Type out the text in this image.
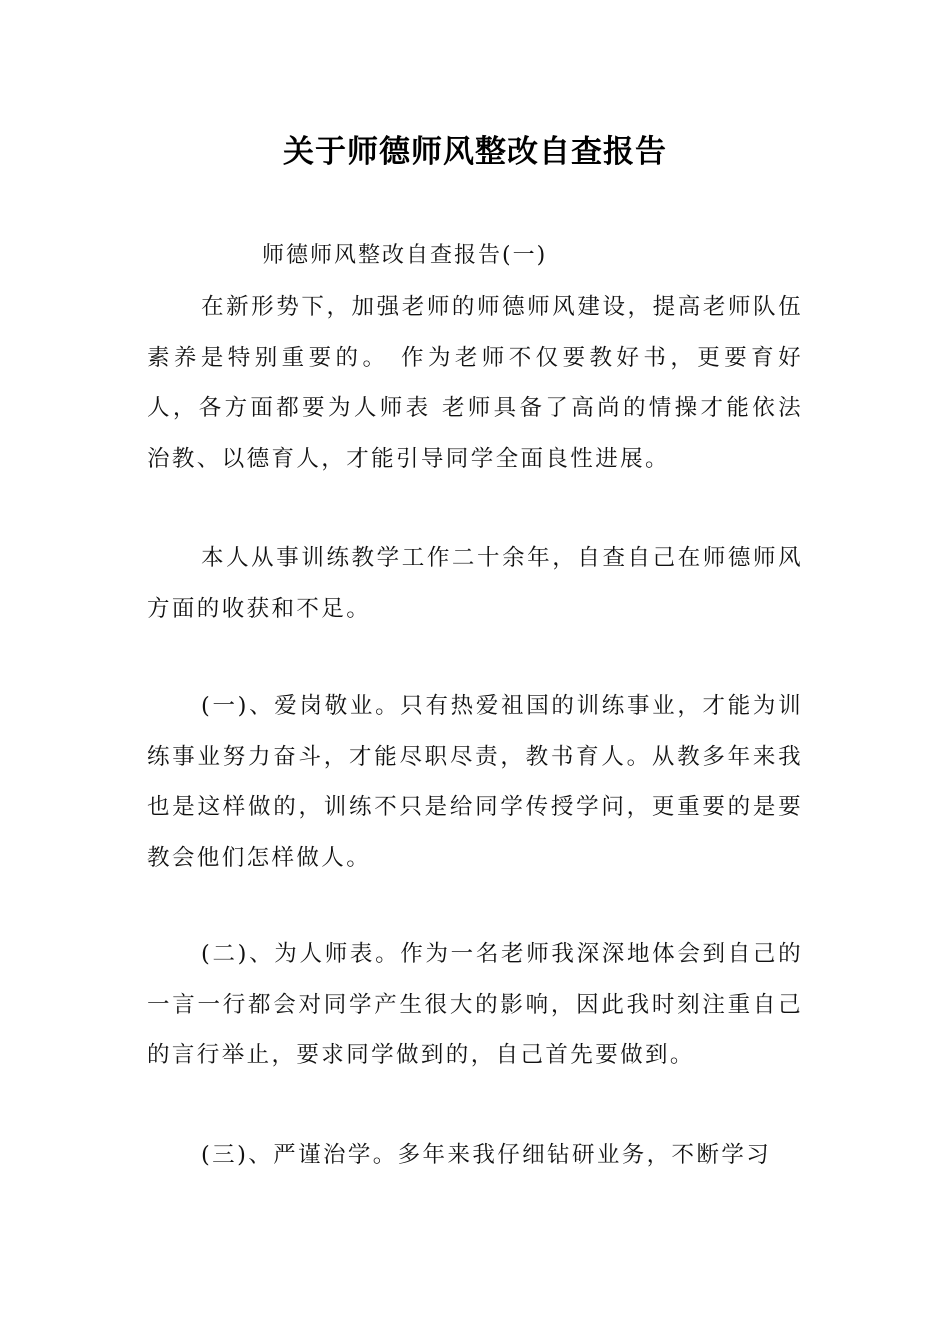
关于师德师风整改自查报告
师德师风整改自查报告(一)

在新形势下，加强老师的师德师风建设，提高老师队伍素养是特别重要的。 作为老师不仅要教好书，更要育好人，各方面都要为人师表 老师具备了高尚的情操才能依法治教、以德育人，才能引导同学全面良性进展。

本人从事训练教学工作二十余年，自查自己在师德师风方面的收获和不足。

(一)、爱岗敬业。只有热爱祖国的训练事业，才能为训练事业努力奋斗，才能尽职尽责，教书育人。从教多年来我也是这样做的，训练不只是给同学传授学问，更重要的是要教会他们怎样做人。

(二)、为人师表。作为一名老师我深深地体会到自己的一言一行都会对同学产生很大的影响，因此我时刻注重自己的言行举止，要求同学做到的，自己首先要做到。

(三)、严谨治学。多年来我仔细钻研业务，不断学习
